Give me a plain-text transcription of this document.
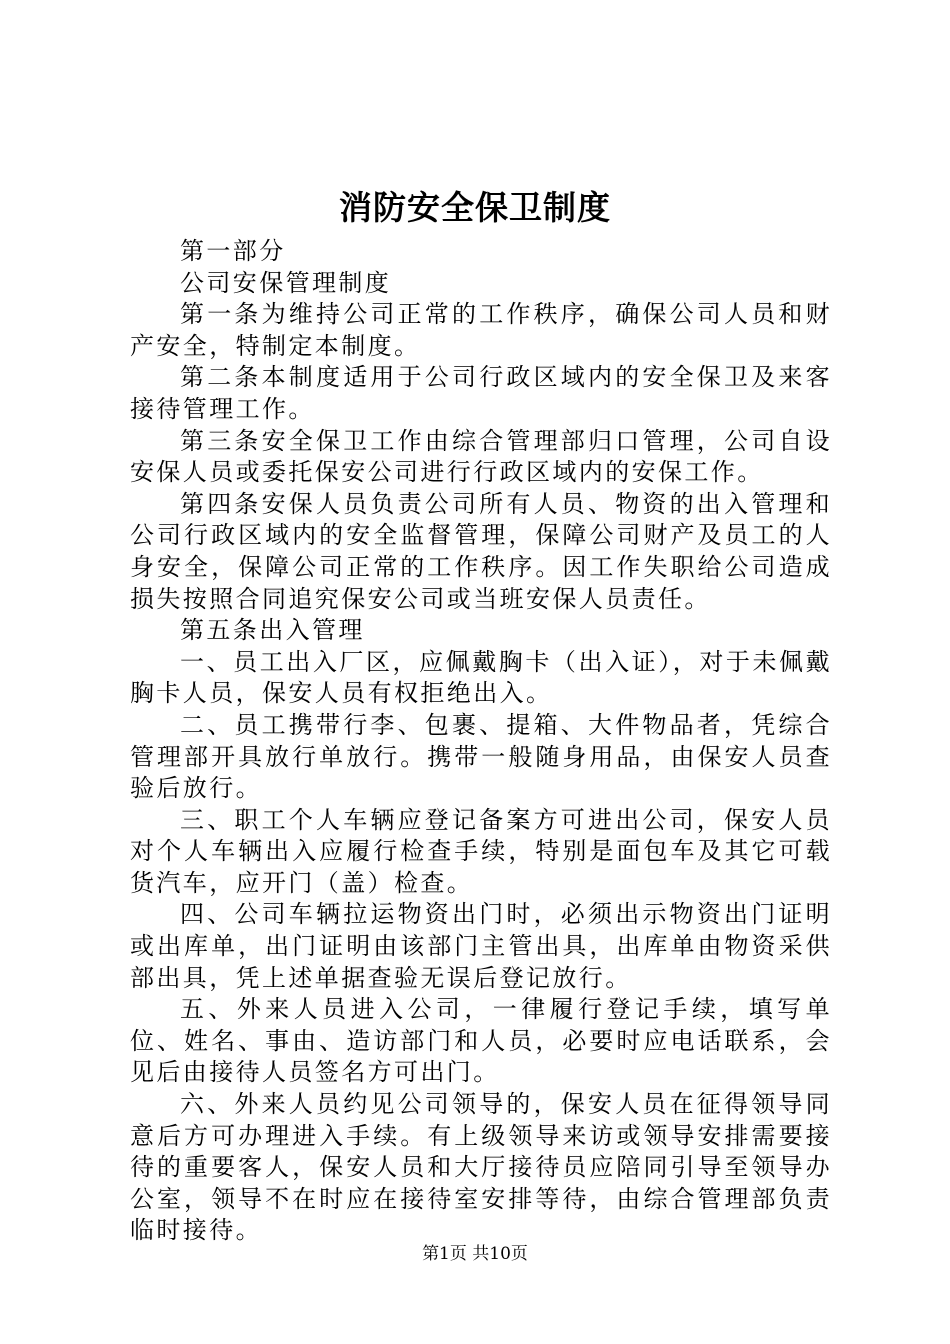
消防安全保卫制度

第一部分

公司安保管理制度

第一条为维持公司正常的工作秩序，确保公司人员和财产安全，特制定本制度。

第二条本制度适用于公司行政区域内的安全保卫及来客接待管理工作。

第三条安全保卫工作由综合管理部归口管理，公司自设安保人员或委托保安公司进行行政区域内的安保工作。

第四条安保人员负责公司所有人员、物资的出入管理和公司行政区域内的安全监督管理，保障公司财产及员工的人身安全，保障公司正常的工作秩序。因工作失职给公司造成损失按照合同追究保安公司或当班安保人员责任。

第五条出入管理

一、员工出入厂区，应佩戴胸卡（出入证），对于未佩戴胸卡人员，保安人员有权拒绝出入。

二、员工携带行李、包裹、提箱、大件物品者，凭综合管理部开具放行单放行。携带一般随身用品，由保安人员查验后放行。

三、职工个人车辆应登记备案方可进出公司，保安人员对个人车辆出入应履行检查手续，特别是面包车及其它可载货汽车，应开门（盖）检查。

四、公司车辆拉运物资出门时，必须出示物资出门证明或出库单，出门证明由该部门主管出具，出库单由物资采供部出具，凭上述单据查验无误后登记放行。

五、外来人员进入公司，一律履行登记手续，填写单位、姓名、事由、造访部门和人员，必要时应电话联系，会见后由接待人员签名方可出门。

六、外来人员约见公司领导的，保安人员在征得领导同意后方可办理进入手续。有上级领导来访或领导安排需要接待的重要客人，保安人员和大厅接待员应陪同引导至领导办公室，领导不在时应在接待室安排等待，由综合管理部负责临时接待。

第1页 共10页
